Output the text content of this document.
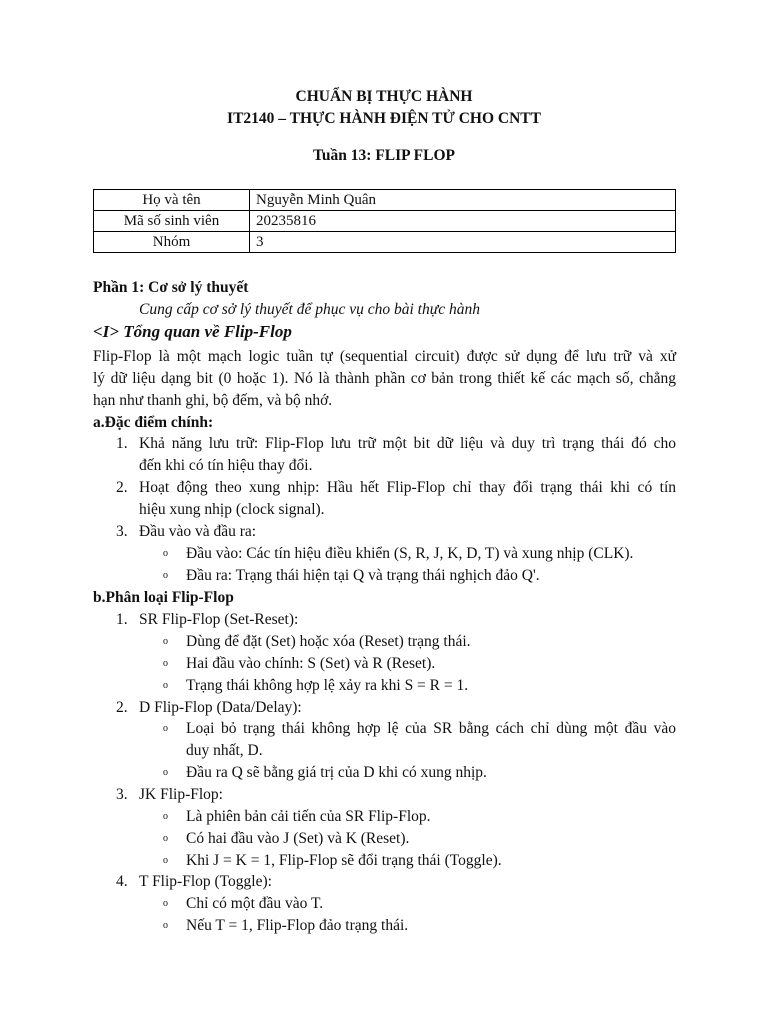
CHUẨN BỊ THỰC HÀNH
IT2140 – THỰC HÀNH ĐIỆN TỬ CHO CNTT
Tuần 13: FLIP FLOP
Họ và tên	Nguyễn Minh Quân
Mã số sinh viên	20235816
Nhóm	3
Phần 1: Cơ sở lý thuyết
Cung cấp cơ sở lý thuyết để phục vụ cho bài thực hành
<I> Tổng quan về Flip-Flop
Flip-Flop là một mạch logic tuần tự (sequential circuit) được sử dụng để lưu trữ và xử
lý dữ liệu dạng bit (0 hoặc 1). Nó là thành phần cơ bản trong thiết kế các mạch số, chẳng
hạn như thanh ghi, bộ đếm, và bộ nhớ.
a.Đặc điểm chính:
1. Khả năng lưu trữ: Flip-Flop lưu trữ một bit dữ liệu và duy trì trạng thái đó cho
đến khi có tín hiệu thay đổi.
2. Hoạt động theo xung nhịp: Hầu hết Flip-Flop chỉ thay đổi trạng thái khi có tín
hiệu xung nhịp (clock signal).
3. Đầu vào và đầu ra:
o Đầu vào: Các tín hiệu điều khiển (S, R, J, K, D, T) và xung nhịp (CLK).
o Đầu ra: Trạng thái hiện tại Q và trạng thái nghịch đảo Q'.
b.Phân loại Flip-Flop
1. SR Flip-Flop (Set-Reset):
o Dùng để đặt (Set) hoặc xóa (Reset) trạng thái.
o Hai đầu vào chính: S (Set) và R (Reset).
o Trạng thái không hợp lệ xảy ra khi S = R = 1.
2. D Flip-Flop (Data/Delay):
o Loại bỏ trạng thái không hợp lệ của SR bằng cách chỉ dùng một đầu vào
duy nhất, D.
o Đầu ra Q sẽ bằng giá trị của D khi có xung nhịp.
3. JK Flip-Flop:
o Là phiên bản cải tiến của SR Flip-Flop.
o Có hai đầu vào J (Set) và K (Reset).
o Khi J = K = 1, Flip-Flop sẽ đổi trạng thái (Toggle).
4. T Flip-Flop (Toggle):
o Chỉ có một đầu vào T.
o Nếu T = 1, Flip-Flop đảo trạng thái.
